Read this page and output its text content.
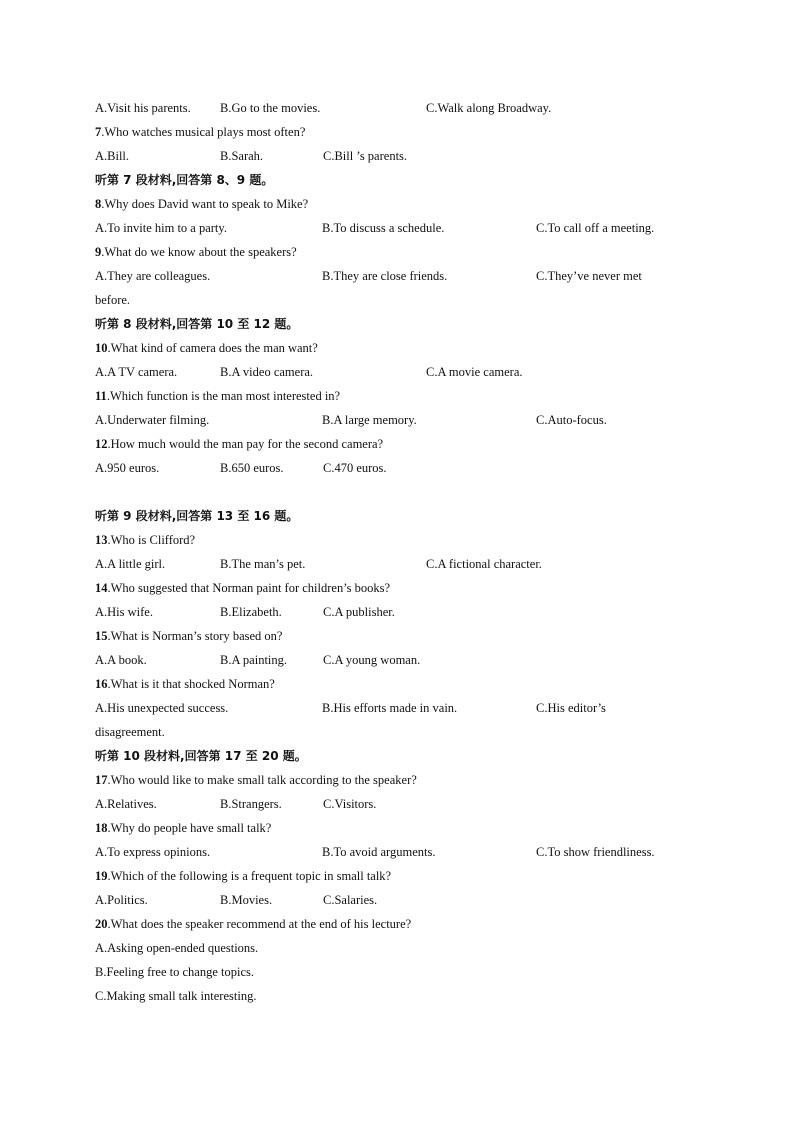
A.Visit his parents. B.Go to the movies.	C.Walk along Broadway.
7.Who watches musical plays most often?
A.Bill.	B.Sarah.	C.Bill ’s parents.
听第 7 段材料,回答第 8、9 题。
8.Why does David want to speak to Mike?
A.To invite him to a party.	B.To discuss a schedule.	C.To call off a meeting.
9.What do we know about the speakers?
A.They are colleagues.	B.They are close friends.	C.They’ve never met
before.
听第 8 段材料,回答第 10 至 12 题。
10.What kind of camera does the man want?
A.A TV camera.	B.A video camera.	C.A movie camera.
11.Which function is the man most interested in?
A.Underwater filming.	B.A large memory.	C.Auto-focus.
12.How much would the man pay for the second camera?
A.950 euros.	B.650 euros.	C.470 euros.
听第 9 段材料,回答第 13 至 16 题。
13.Who is Clifford?
A.A little girl.	B.The man’s pet.	C.A fictional character.
14.Who suggested that Norman paint for children’s books?
A.His wife.	B.Elizabeth.	C.A publisher.
15.What is Norman’s story based on?
A.A book.	B.A painting.	C.A young woman.
16.What is it that shocked Norman?
A.His unexpected success.	B.His efforts made in vain.	C.His editor’s
disagreement.
听第 10 段材料,回答第 17 至 20 题。
17.Who would like to make small talk according to the speaker?
A.Relatives.	B.Strangers.	C.Visitors.
18.Why do people have small talk?
A.To express opinions.	B.To avoid arguments.	C.To show friendliness.
19.Which of the following is a frequent topic in small talk?
A.Politics.	B.Movies.	C.Salaries.
20.What does the speaker recommend at the end of his lecture?
A.Asking open-ended questions.
B.Feeling free to change topics.
C.Making small talk interesting.
